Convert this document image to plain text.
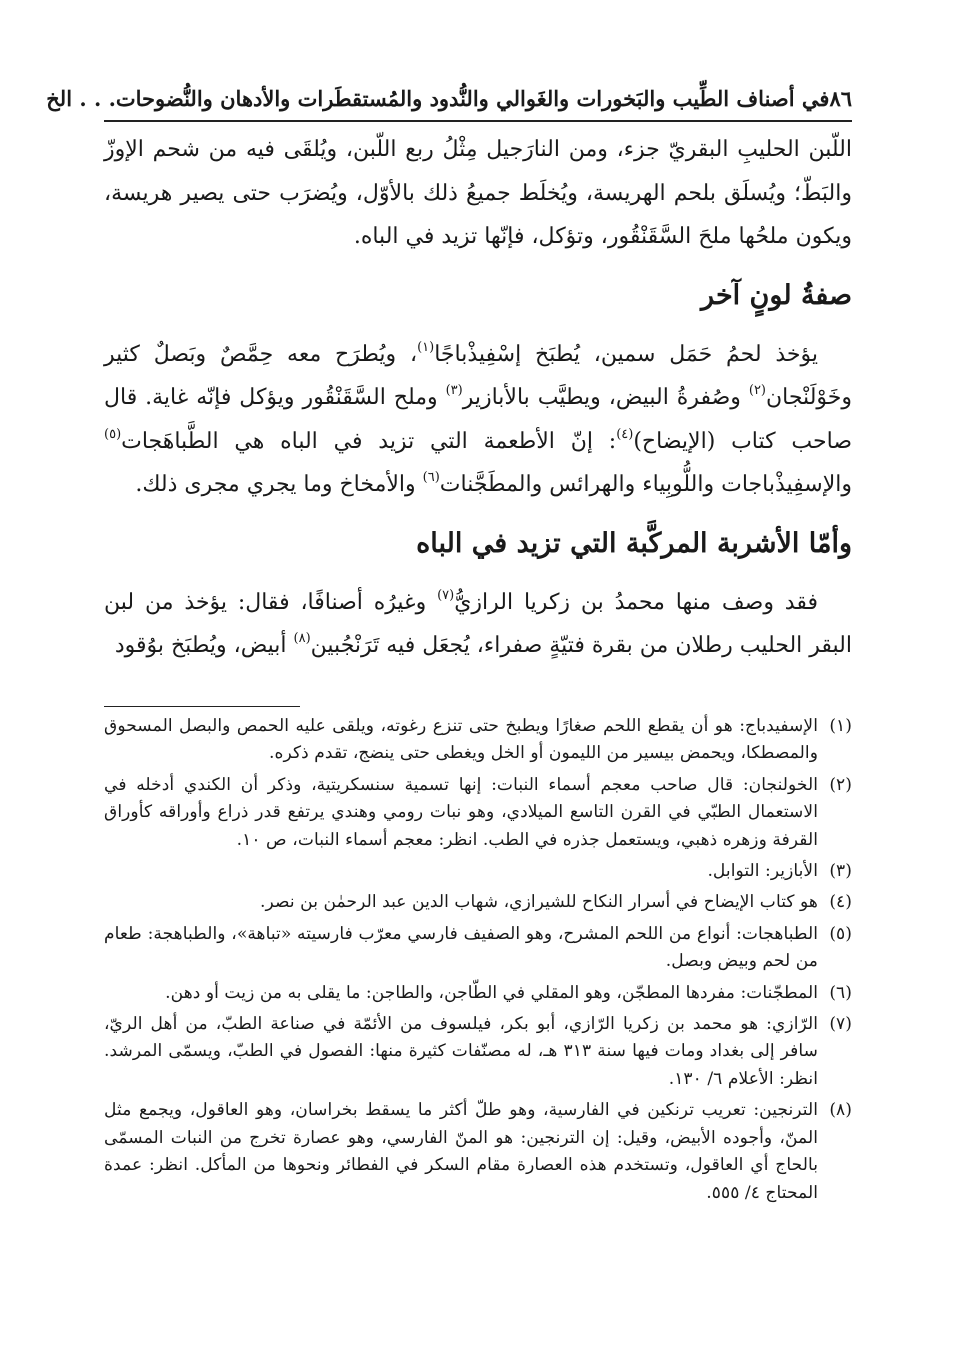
٨٦
في أصناف الطِّيب والبَخورات والغَوالي والنُّدود والمُستقطَرات والأدهان والنُّضوحات. . . الخ

اللّبن الحليبِ البقريّ جزء، ومن النارَجيل مِثْلُ ربع اللّبن، ويُلقَى فيه من شحم الإوزّ والبَطّ؛ ويُسلَق بلحم الهريسة، ويُخلَط جميعُ ذلك بالأوّل، ويُضرَب حتى يصير هريسة، ويكون ملحُها ملحَ السَّقَنْقُور، وتؤكل، فإنّها تزيد في الباه.

صفةُ لونٍ آخر

يؤخذ لحمُ حَمَل سمين، يُطبَخ إسْفِيذْباجًا$^{(١)}$، ويُطرَح معه حِمَّصٌ وبَصلٌ كثير وخَوْلَنْجان$^{(٢)}$ وصُفرةُ البيض، ويطيَّب بالأبازير$^{(٣)}$ وملح السَّقَنْقُور ويؤكل فإنّه غاية. قال صاحب كتاب (الإيضاح)$^{(٤)}$: إنّ الأطعمة التي تزيد في الباه هي الطَّباهَجات$^{(٥)}$ والإسفِيذْباجات واللُّوبِياء والهرائس والمطَجَّنات$^{(٦)}$ والأمخاخ وما يجري مجرى ذلك.

وأمّا الأشربة المركَّبة التي تزيد في الباه

فقد وصف منها محمدُ بن زكريا الرازيُّ$^{(٧)}$ وغيرُه أصنافًا، فقال: يؤخذ من لبن البقر الحليب رطلان من بقرة فتيّةٍ صفراء، يُجعَل فيه تَرَنْجُبين$^{(٨)}$ أبيض، ويُطبَخ بوُقود

(١)
الإسفيدباج: هو أن يقطع اللحم صغارًا ويطبخ حتى تنزع رغوته، ويلقى عليه الحمص والبصل المسحوق والمصطكا، ويحمض بيسير من الليمون أو الخل ويغطى حتى ينضج، تقدم ذكره.
(٢)
الخولنجان: قال صاحب معجم أسماء النبات: إنها تسمية سنسكريتية، وذكر أن الكندي أدخله في الاستعمال الطبّي في القرن التاسع الميلادي، وهو نبات رومي وهندي يرتفع قدر ذراع وأوراقه كأوراق القرفة وزهره ذهبي، ويستعمل جذره في الطب. انظر: معجم أسماء النبات، ص ١٠.
(٣)
الأبازير: التوابل.
(٤)
هو كتاب الإيضاح في أسرار النكاح للشيرازي، شهاب الدين عبد الرحمٰن بن نصر.
(٥)
الطباهجات: أنواع من اللحم المشرح، وهو الصفيف فارسي معرّب فارسيته «تباهة»، والطباهجة: طعام من لحم وبيض وبصل.
(٦)
المطجّنات: مفردها المطجّن، وهو المقلي في الطّاجن، والطاجن: ما يقلى به من زيت أو دهن.
(٧)
الرّازي: هو محمد بن زكريا الرّازي، أبو بكر، فيلسوف من الأئمّة في صناعة الطبّ، من أهل الريّ، سافر إلى بغداد ومات فيها سنة ٣١٣ هـ، له مصنّفات كثيرة منها: الفصول في الطبّ، ويسمّى المرشد. انظر: الأعلام ٦/ ١٣٠.
(٨)
الترنجين: تعريب ترنكين في الفارسية، وهو طلّ أكثر ما يسقط بخراسان، وهو العاقول، ويجمع مثل المنّ، وأجوده الأبيض، وقيل: إن الترنجين: هو المنّ الفارسي، وهو عصارة تخرج من النبات المسمّى بالحاج أي العاقول، وتستخدم هذه العصارة مقام السكر في الفطائر ونحوها من المأكل. انظر: عمدة المحتاج ٤/ ٥٥٥.
